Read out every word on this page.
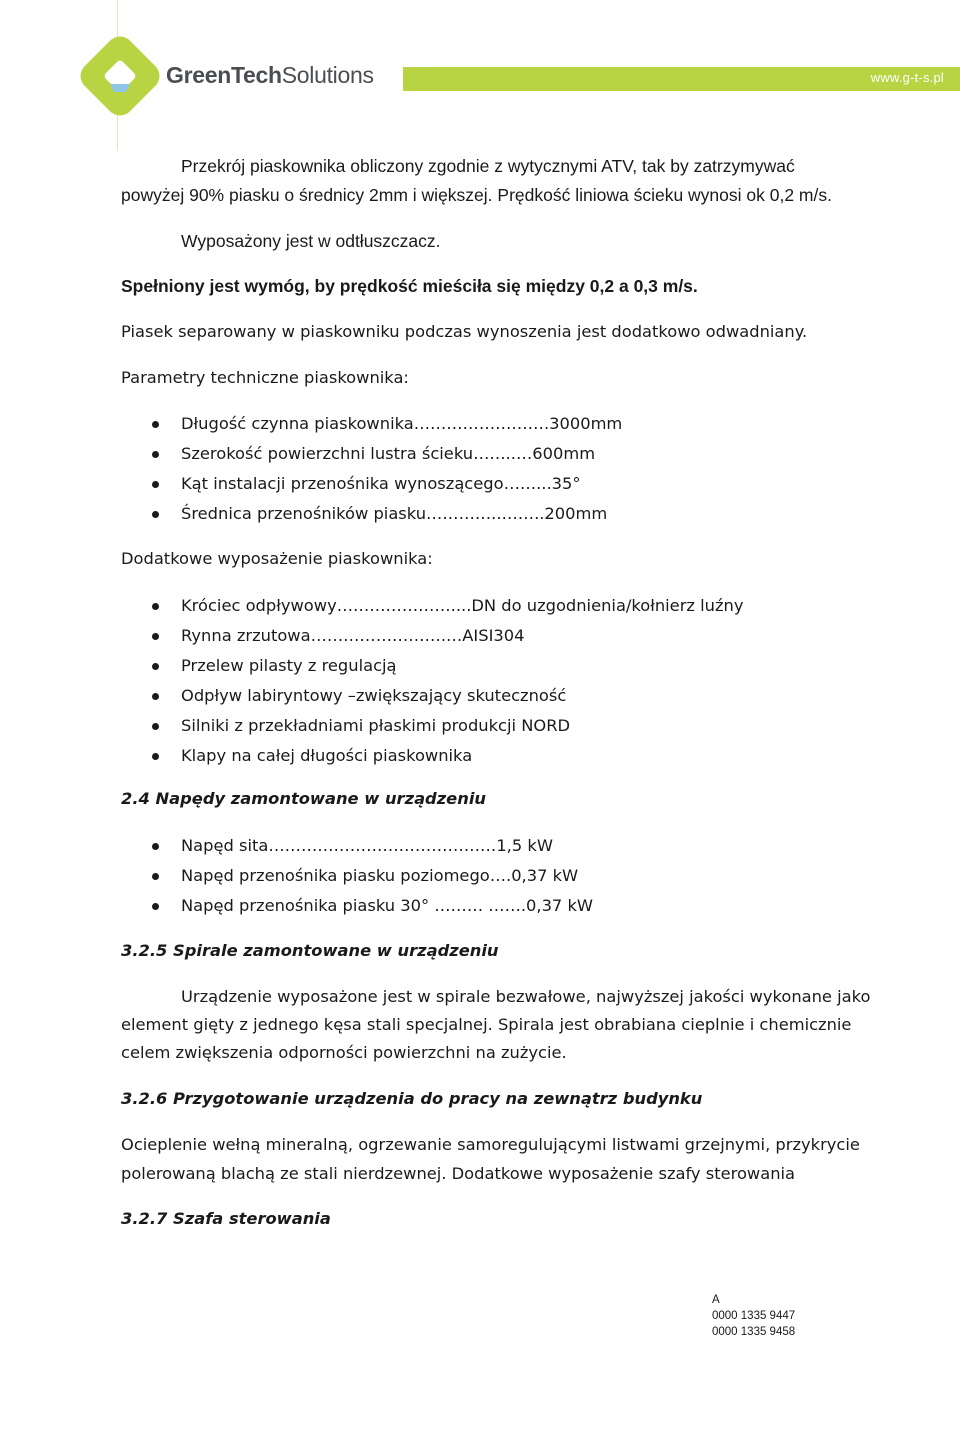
www.g-t-s.pl
GreenTechSolutions
Przekrój piaskownika obliczony zgodnie z wytycznymi ATV, tak by zatrzymywać
powyżej 90% piasku o średnicy 2mm i większej. Prędkość liniowa ścieku wynosi ok 0,2 m/s.
Wyposażony jest w odtłuszczacz.
Spełniony jest wymóg, by prędkość mieściła się między 0,2 a 0,3 m/s.
Piasek separowany w piaskowniku podczas wynoszenia jest dodatkowo odwadniany.
Parametry techniczne piaskownika:
Długość czynna piaskownika…………………….3000mm
Szerokość powierzchni lustra ścieku……..…600mm
Kąt instalacji przenośnika wynoszącego……...35°
Średnica przenośników piasku…………..……..200mm
Dodatkowe wyposażenie piaskownika:
Króciec odpływowy…………………....DN do uzgodnienia/kołnierz luźny
Rynna zrzutowa…………………….…AISI304
Przelew pilasty z regulacją
Odpływ labiryntowy –zwiększający skuteczność
Silniki z przekładniami płaskimi produkcji NORD
Klapy na całej długości piaskownika
2.4 Napędy zamontowane w urządzeniu
Napęd sita……………………………………1,5 kW
Napęd przenośnika piasku poziomego….0,37 kW
Napęd przenośnika piasku 30° ……… …….0,37 kW
3.2.5 Spirale zamontowane w urządzeniu
Urządzenie wyposażone jest w spirale bezwałowe, najwyższej jakości wykonane jako
element gięty z jednego kęsa stali specjalnej. Spirala jest obrabiana cieplnie i chemicznie
celem zwiększenia odporności powierzchni na zużycie.
3.2.6 Przygotowanie urządzenia do pracy na zewnątrz budynku
Ocieplenie wełną mineralną, ogrzewanie samoregulującymi listwami grzejnymi, przykrycie
polerowaną blachą ze stali nierdzewnej. Dodatkowe wyposażenie szafy sterowania
3.2.7 Szafa sterowania
A
0000 1335 9447
0000 1335 9458
